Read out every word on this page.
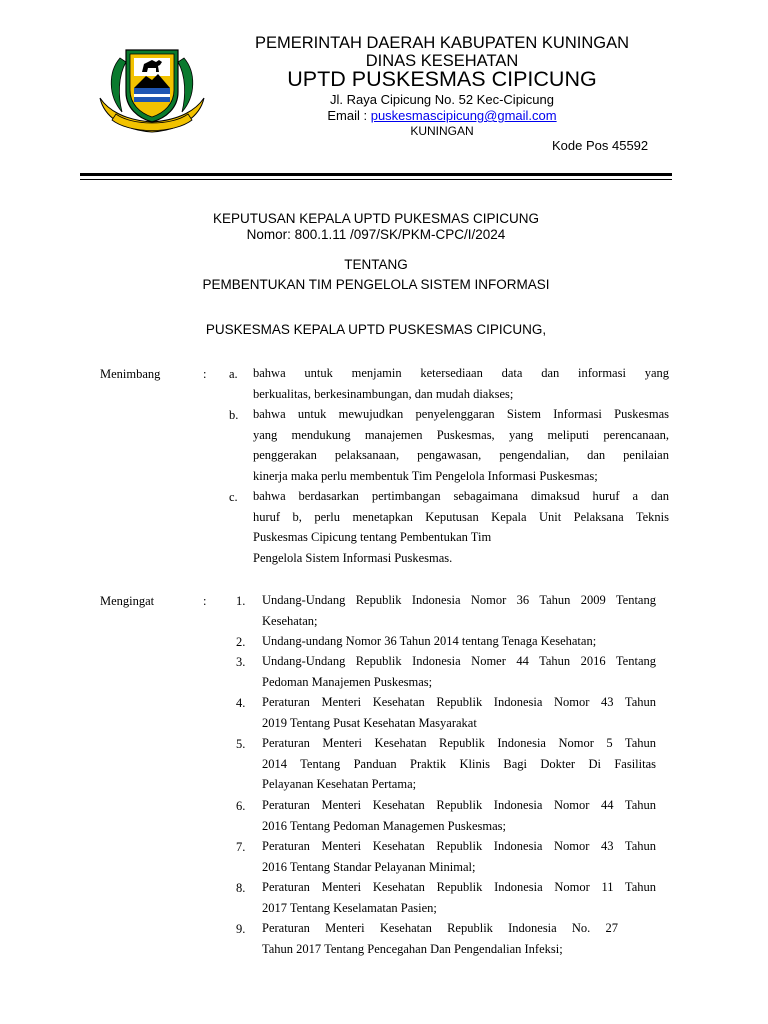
PEMERINTAH DAERAH KABUPATEN KUNINGAN
DINAS KESEHATAN
UPTD PUSKESMAS CIPICUNG
Jl. Raya Cipicung No. 52 Kec-Cipicung
Email : puskesmascipicung@gmail.com
KUNINGAN
Kode Pos 45592
KEPUTUSAN KEPALA UPTD PUKESMAS CIPICUNG
Nomor: 800.1.11 /097/SK/PKM-CPC/I/2024
TENTANG
PEMBENTUKAN TIM PENGELOLA SISTEM INFORMASI
PUSKESMAS KEPALA UPTD PUSKESMAS CIPICUNG,
Menimbang	: a. bahwa untuk menjamin ketersediaan data dan informasi yang
berkualitas, berkesinambungan, dan mudah diakses;
b. bahwa untuk mewujudkan penyelenggaran Sistem Informasi Puskesmas
yang mendukung manajemen Puskesmas, yang meliputi perencanaan,
penggerakan pelaksanaan, pengawasan, pengendalian, dan penilaian
kinerja maka perlu membentuk Tim Pengelola Informasi Puskesmas;
c. bahwa berdasarkan pertimbangan sebagaimana dimaksud huruf a dan
huruf b, perlu menetapkan Keputusan Kepala Unit Pelaksana Teknis
Puskesmas Cipicung tentang Pembentukan Tim
Pengelola Sistem Informasi Puskesmas.
Mengingat	: 1. Undang-Undang Republik Indonesia Nomor 36 Tahun 2009 Tentang
Kesehatan;
2. Undang-undang Nomor 36 Tahun 2014 tentang Tenaga Kesehatan;
3. Undang-Undang Republik Indonesia Nomer 44 Tahun 2016 Tentang
Pedoman Manajemen Puskesmas;
4. Peraturan Menteri Kesehatan Republik Indonesia Nomor 43 Tahun
2019 Tentang Pusat Kesehatan Masyarakat
5. Peraturan Menteri Kesehatan Republik Indonesia Nomor 5 Tahun
2014 Tentang Panduan Praktik Klinis Bagi Dokter Di Fasilitas
Pelayanan Kesehatan Pertama;
6. Peraturan Menteri Kesehatan Republik Indonesia Nomor 44 Tahun
2016 Tentang Pedoman Managemen Puskesmas;
7. Peraturan Menteri Kesehatan Republik Indonesia Nomor 43 Tahun
2016 Tentang Standar Pelayanan Minimal;
8. Peraturan Menteri Kesehatan Republik Indonesia Nomor 11 Tahun
2017 Tentang Keselamatan Pasien;
9. Peraturan Menteri Kesehatan Republik Indonesia No. 27
Tahun 2017 Tentang Pencegahan Dan Pengendalian Infeksi;
